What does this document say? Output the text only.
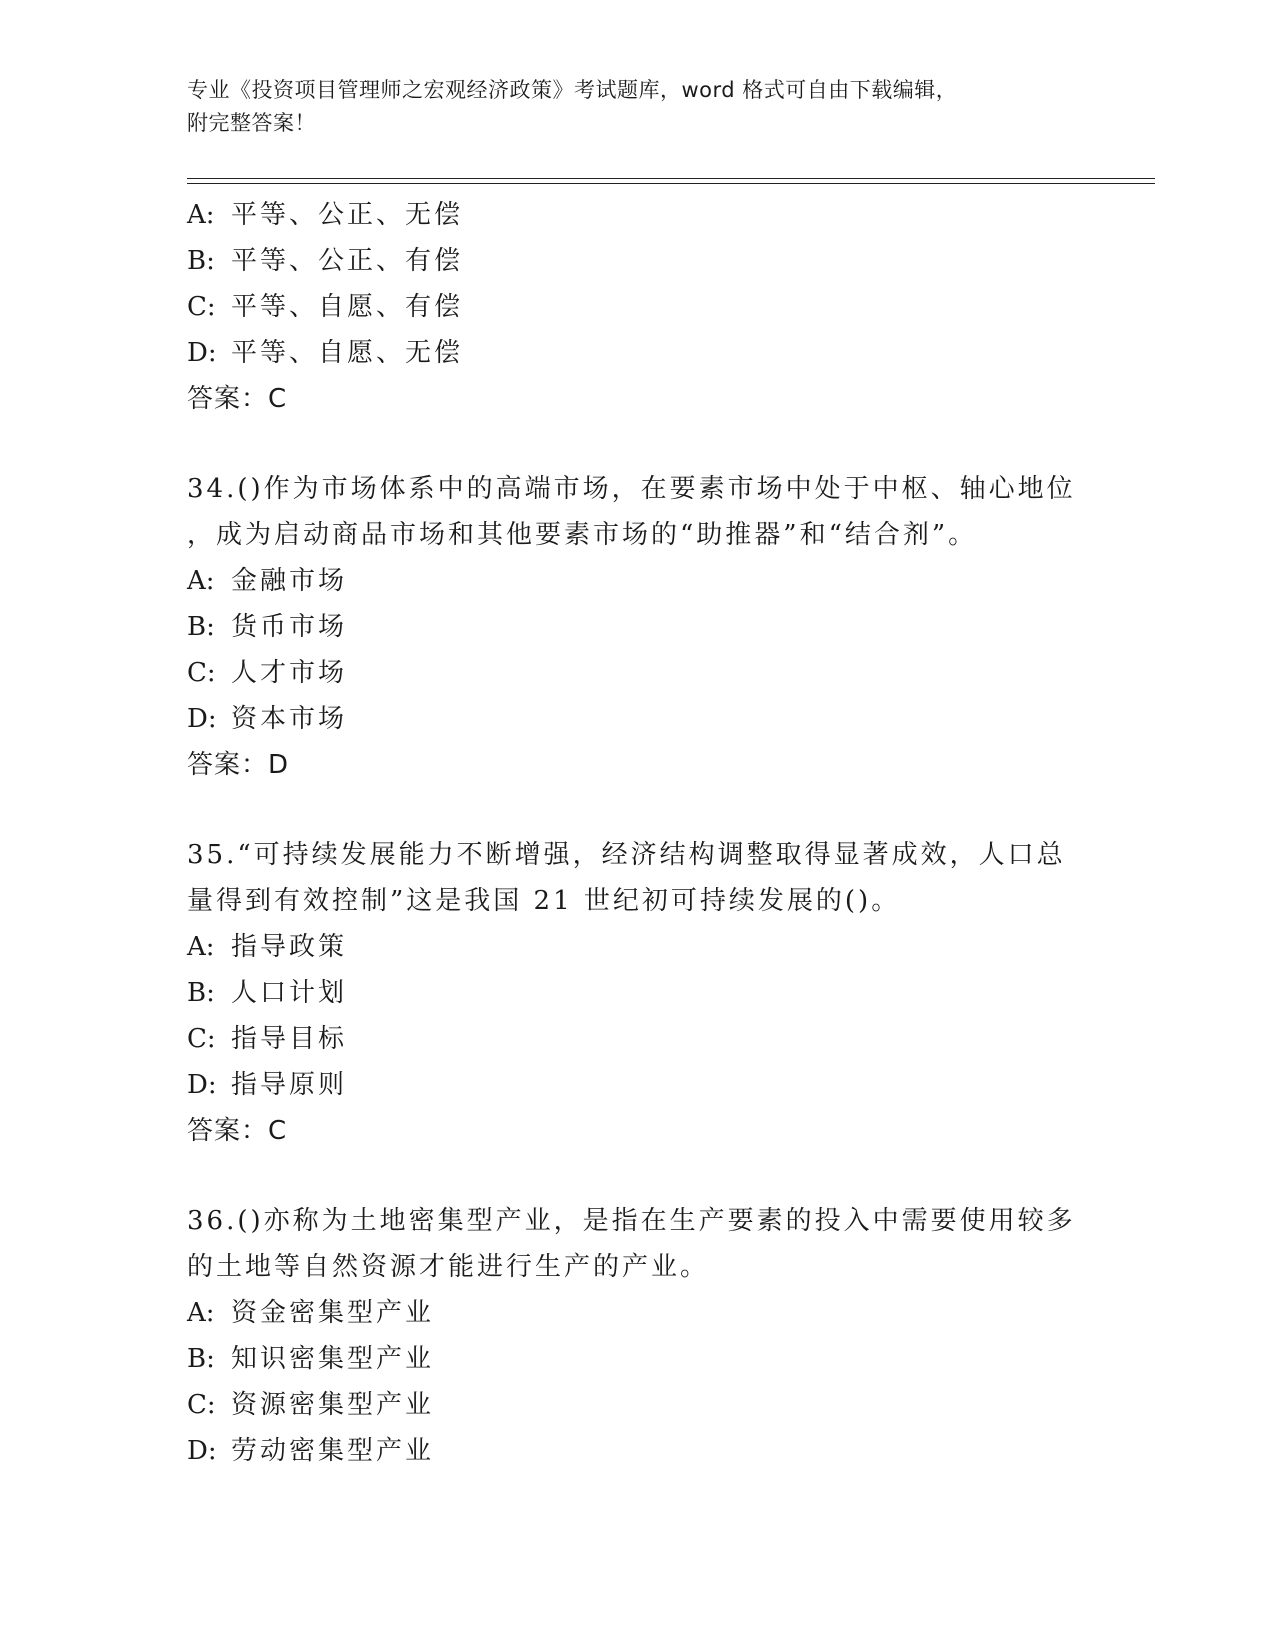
专业《投资项目管理师之宏观经济政策》考试题库，word 格式可自由下载编辑，
附完整答案！
A: 平等、公正、无偿
B: 平等、公正、有偿
C: 平等、自愿、有偿
D: 平等、自愿、无偿
答案：C
34.()作为市场体系中的高端市场，在要素市场中处于中枢、轴心地位
，成为启动商品市场和其他要素市场的“助推器”和“结合剂”。
A: 金融市场
B: 货币市场
C: 人才市场
D: 资本市场
答案：D
35.“可持续发展能力不断增强，经济结构调整取得显著成效，人口总
量得到有效控制”这是我国 21 世纪初可持续发展的()。
A: 指导政策
B: 人口计划
C: 指导目标
D: 指导原则
答案：C
36.()亦称为土地密集型产业，是指在生产要素的投入中需要使用较多
的土地等自然资源才能进行生产的产业。
A: 资金密集型产业
B: 知识密集型产业
C: 资源密集型产业
D: 劳动密集型产业
